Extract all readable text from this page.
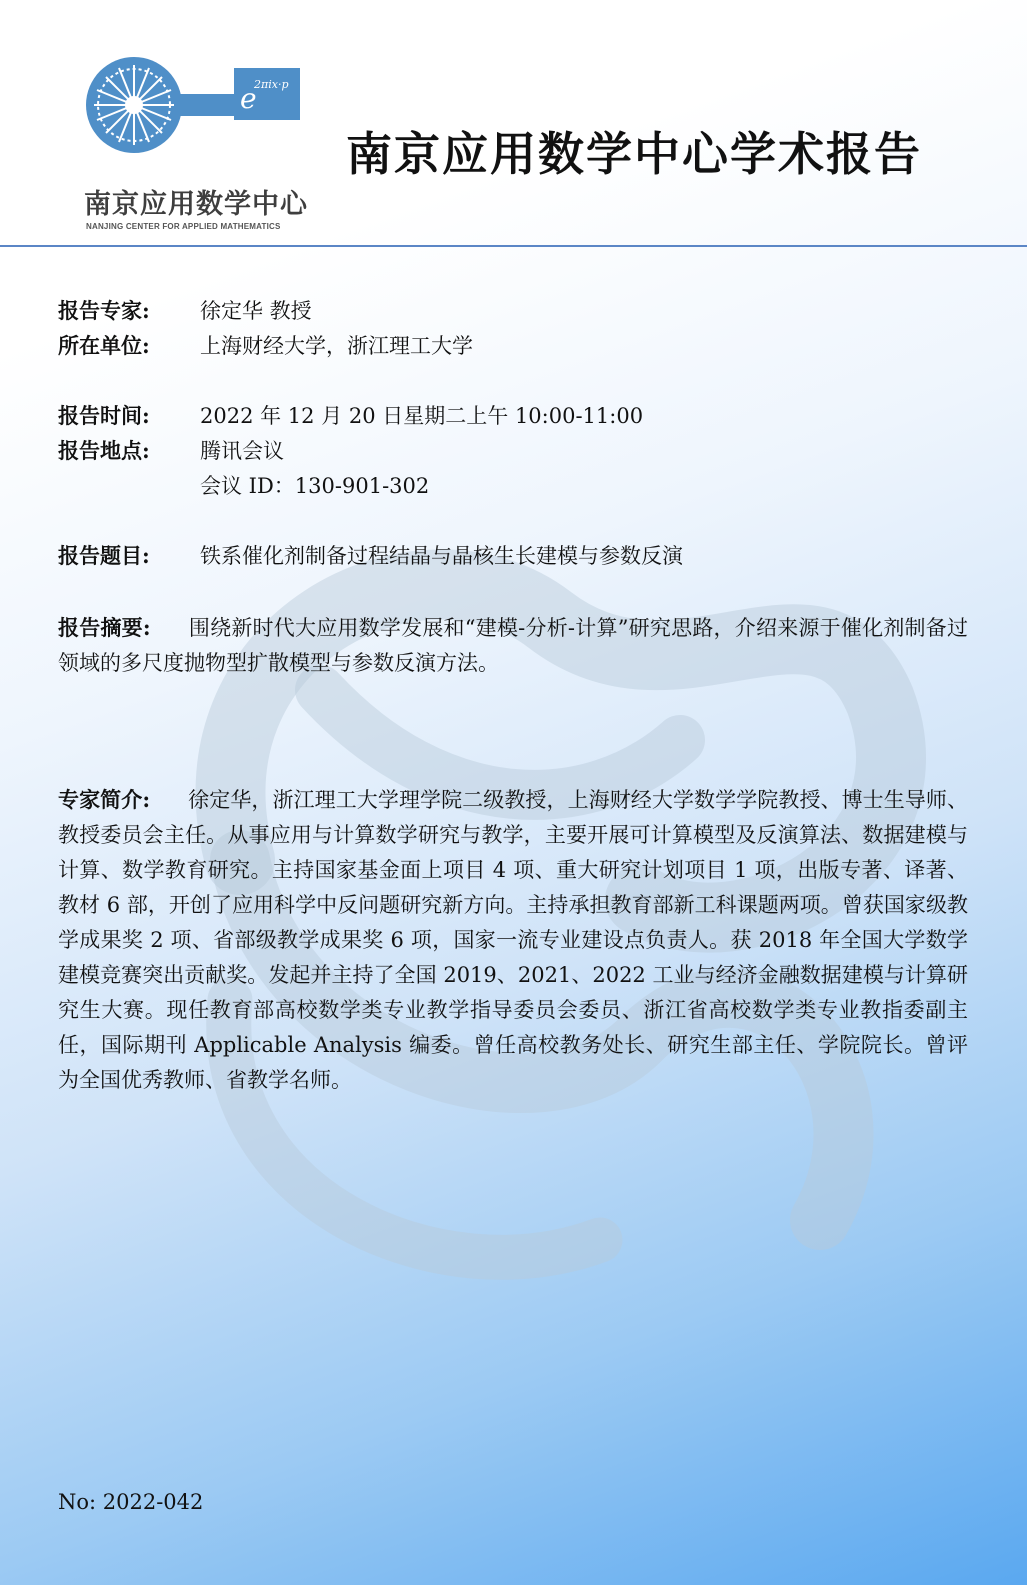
e
2πix·p
南京应用数学中心
NANJING CENTER FOR APPLIED MATHEMATICS
南京应用数学中心学术报告
报告专家: 徐定华 教授
所在单位: 上海财经大学，浙江理工大学
报告时间: 2022 年 12 月 20 日星期二上午 10:00-11:00
报告地点: 腾讯会议
会议 ID：130-901-302
报告题目: 铁系催化剂制备过程结晶与晶核生长建模与参数反演
报告摘要: 围绕新时代大应用数学发展和“建模-分析-计算”研究思路，介绍来源于催化剂制备过领域的多尺度抛物型扩散模型与参数反演方法。
专家简介: 徐定华，浙江理工大学理学院二级教授，上海财经大学数学学院教授、博士生导师、教授委员会主任。从事应用与计算数学研究与教学，主要开展可计算模型及反演算法、数据建模与计算、数学教育研究。主持国家基金面上项目 4 项、重大研究计划项目 1 项，出版专著、译著、教材 6 部，开创了应用科学中反问题研究新方向。主持承担教育部新工科课题两项。曾获国家级教学成果奖 2 项、省部级教学成果奖 6 项，国家一流专业建设点负责人。获 2018 年全国大学数学建模竞赛突出贡献奖。发起并主持了全国 2019、2021、2022 工业与经济金融数据建模与计算研究生大赛。现任教育部高校数学类专业教学指导委员会委员、浙江省高校数学类专业教指委副主任，国际期刊 Applicable Analysis 编委。曾任高校教务处长、研究生部主任、学院院长。曾评为全国优秀教师、省教学名师。
No: 2022-042
